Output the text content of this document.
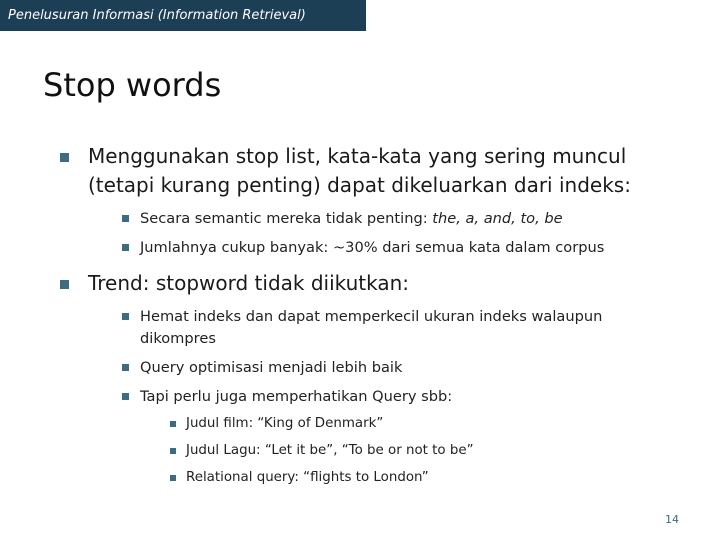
Penelusuran Informasi (Information Retrieval)
Stop words
Menggunakan stop list, kata-kata yang sering muncul (tetapi kurang penting) dapat dikeluarkan dari indeks:
Secara semantic mereka tidak penting: the, a, and, to, be
Jumlahnya cukup banyak: ~30% dari semua kata dalam corpus
Trend: stopword tidak diikutkan:
Hemat indeks dan dapat memperkecil ukuran indeks walaupun dikompres
Query optimisasi menjadi lebih baik
Tapi perlu juga memperhatikan Query sbb:
Judul film: “King of Denmark”
Judul Lagu: “Let it be”, “To be or not to be”
Relational query: “flights to London”
14
